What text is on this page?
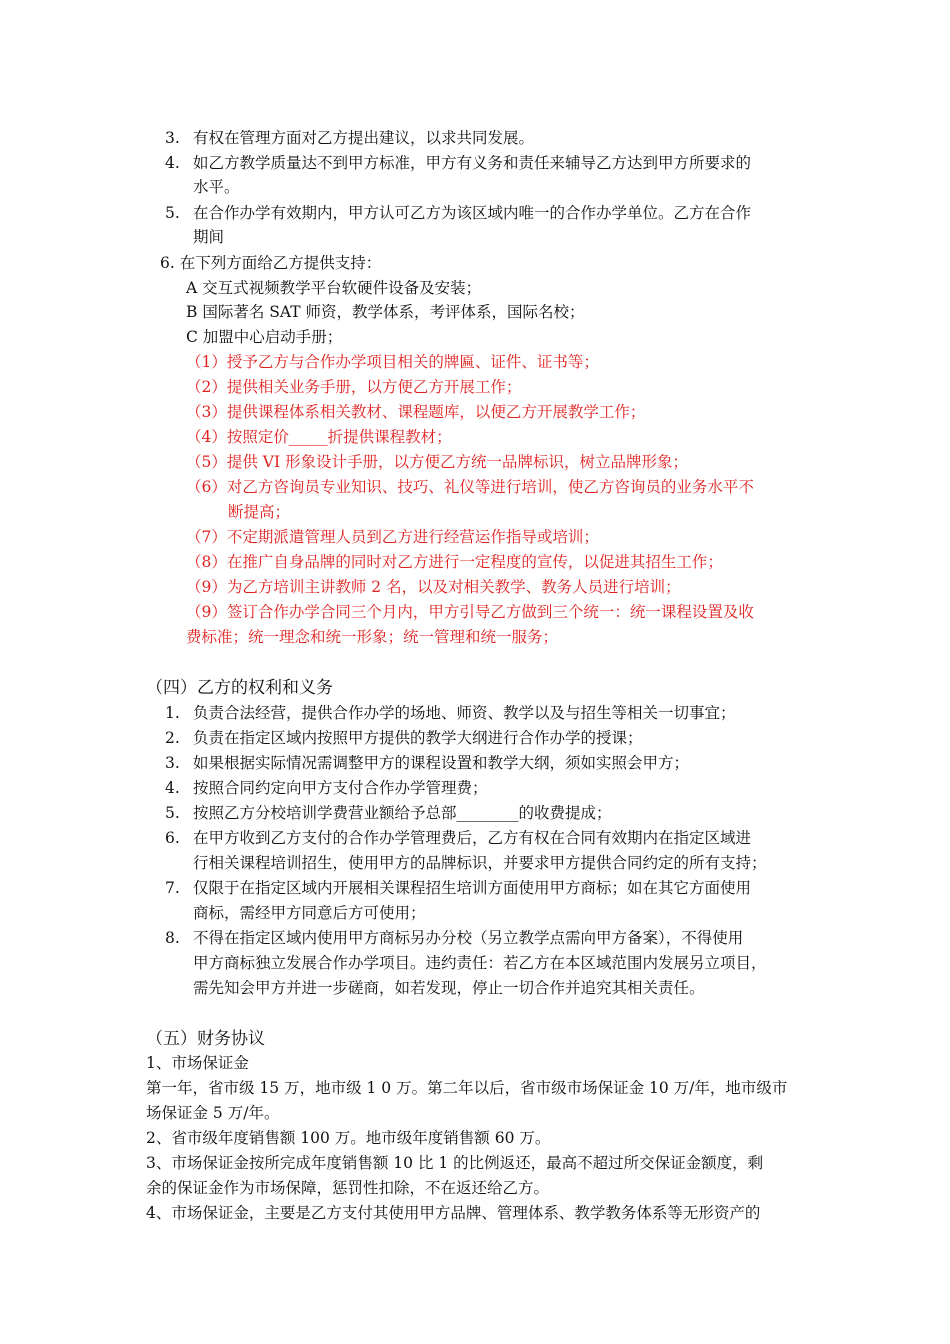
3. 有权在管理方面对乙方提出建议，以求共同发展。
4. 如乙方教学质量达不到甲方标准，甲方有义务和责任来辅导乙方达到甲方所要求的
水平。
5. 在合作办学有效期内，甲方认可乙方为该区域内唯一的合作办学单位。乙方在合作
期间
6. 在下列方面给乙方提供支持：
A 交互式视频教学平台软硬件设备及安装；
B 国际著名 SAT 师资，教学体系，考评体系，国际名校；
C 加盟中心启动手册；
（1）授予乙方与合作办学项目相关的牌匾、证件、证书等；
（2）提供相关业务手册，以方便乙方开展工作；
（3）提供课程体系相关教材、课程题库，以便乙方开展教学工作；
（4）按照定价_____折提供课程教材；
（5）提供 VI 形象设计手册，以方便乙方统一品牌标识，树立品牌形象；
（6）对乙方咨询员专业知识、技巧、礼仪等进行培训，使乙方咨询员的业务水平不
断提高；
（7）不定期派遣管理人员到乙方进行经营运作指导或培训；
（8）在推广自身品牌的同时对乙方进行一定程度的宣传，以促进其招生工作；
（9）为乙方培训主讲教师 2 名，以及对相关教学、教务人员进行培训；
（9）签订合作办学合同三个月内，甲方引导乙方做到三个统一：统一课程设置及收
费标准；统一理念和统一形象；统一管理和统一服务；
（四）乙方的权利和义务
1. 负责合法经营，提供合作办学的场地、师资、教学以及与招生等相关一切事宜；
2. 负责在指定区域内按照甲方提供的教学大纲进行合作办学的授课；
3. 如果根据实际情况需调整甲方的课程设置和教学大纲，须如实照会甲方；
4. 按照合同约定向甲方支付合作办学管理费；
5. 按照乙方分校培训学费营业额给予总部________的收费提成；
6. 在甲方收到乙方支付的合作办学管理费后，乙方有权在合同有效期内在指定区域进
行相关课程培训招生，使用甲方的品牌标识，并要求甲方提供合同约定的所有支持；
7. 仅限于在指定区域内开展相关课程招生培训方面使用甲方商标；如在其它方面使用
商标，需经甲方同意后方可使用；
8. 不得在指定区域内使用甲方商标另办分校（另立教学点需向甲方备案），不得使用
甲方商标独立发展合作办学项目。违约责任：若乙方在本区域范围内发展另立项目，
需先知会甲方并进一步磋商，如若发现，停止一切合作并追究其相关责任。
（五）财务协议
1、市场保证金
第一年，省市级 15 万，地市级 1 0 万。第二年以后，省市级市场保证金 10 万/年，地市级市
场保证金 5 万/年。
2、省市级年度销售额 100 万。地市级年度销售额 60 万。
3、市场保证金按所完成年度销售额 10 比 1 的比例返还，最高不超过所交保证金额度，剩
余的保证金作为市场保障，惩罚性扣除，不在返还给乙方。
4、市场保证金，主要是乙方支付其使用甲方品牌、管理体系、教学教务体系等无形资产的
